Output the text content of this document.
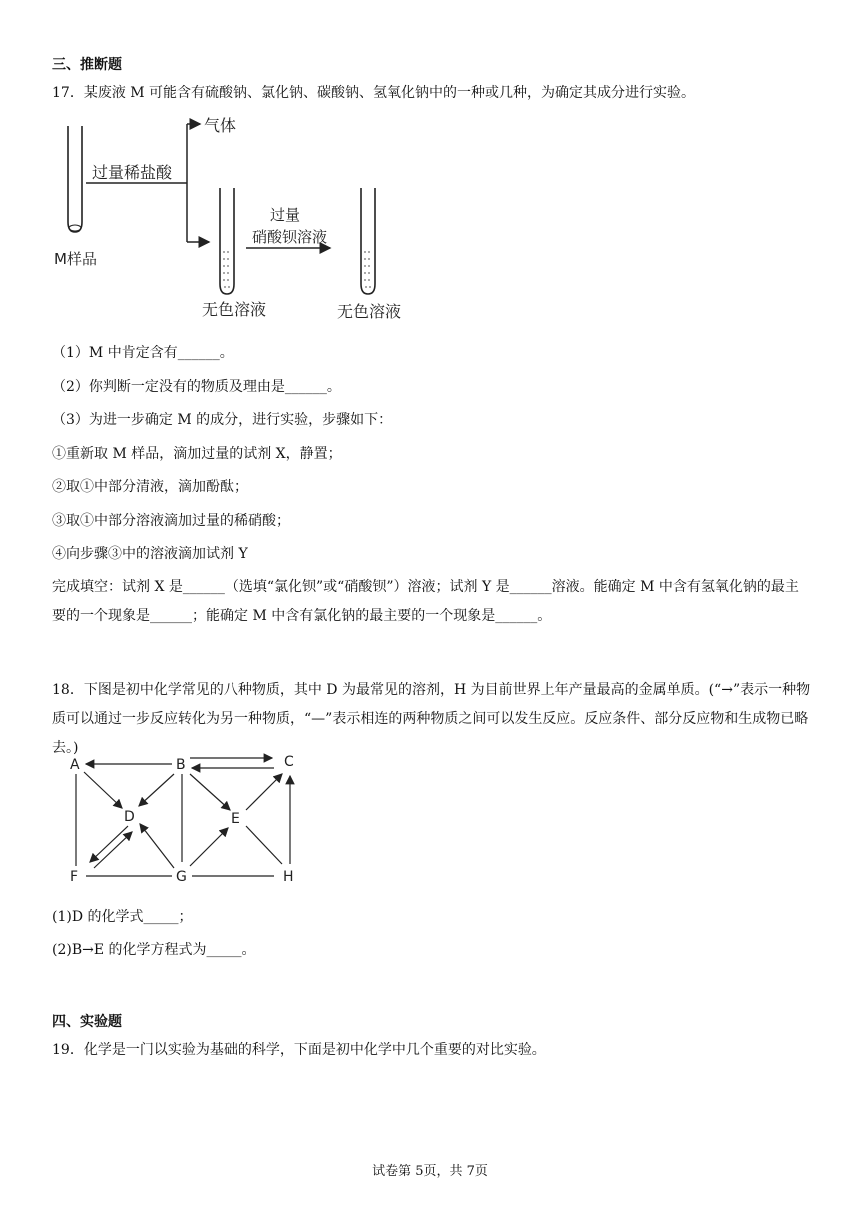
三、推断题
17．某废液 M 可能含有硫酸钠、氯化钠、碳酸钠、氢氧化钠中的一种或几种，为确定其成分进行实验。
M样品
过量稀盐酸
气体
无色溶液
过量
硝酸钡溶液
无色溶液
（1）M 中肯定含有______。
（2）你判断一定没有的物质及理由是______。
（3）为进一步确定 M 的成分，进行实验，步骤如下：
①重新取 M 样品，滴加过量的试剂 X，静置；
②取①中部分清液，滴加酚酞；
③取①中部分溶液滴加过量的稀硝酸；
④向步骤③中的溶液滴加试剂 Y
完成填空：试剂 X 是______（选填“氯化钡”或“硝酸钡”）溶液；试剂 Y 是______溶液。能确定 M 中含有氢氧化钠的最主要的一个现象是______；能确定 M 中含有氯化钠的最主要的一个现象是______。
18．下图是初中化学常见的八种物质，其中 D 为最常见的溶剂，H 为目前世界上年产量最高的金属单质。(“→”表示一种物质可以通过一步反应转化为另一种物质，“—”表示相连的两种物质之间可以发生反应。反应条件、部分反应物和生成物已略去。)
A	B	C
D	E
F	G	H
(1)D 的化学式_____；
(2)B→E 的化学方程式为_____。
四、实验题
19．化学是一门以实验为基础的科学，下面是初中化学中几个重要的对比实验。
试卷第 5页，共 7页
